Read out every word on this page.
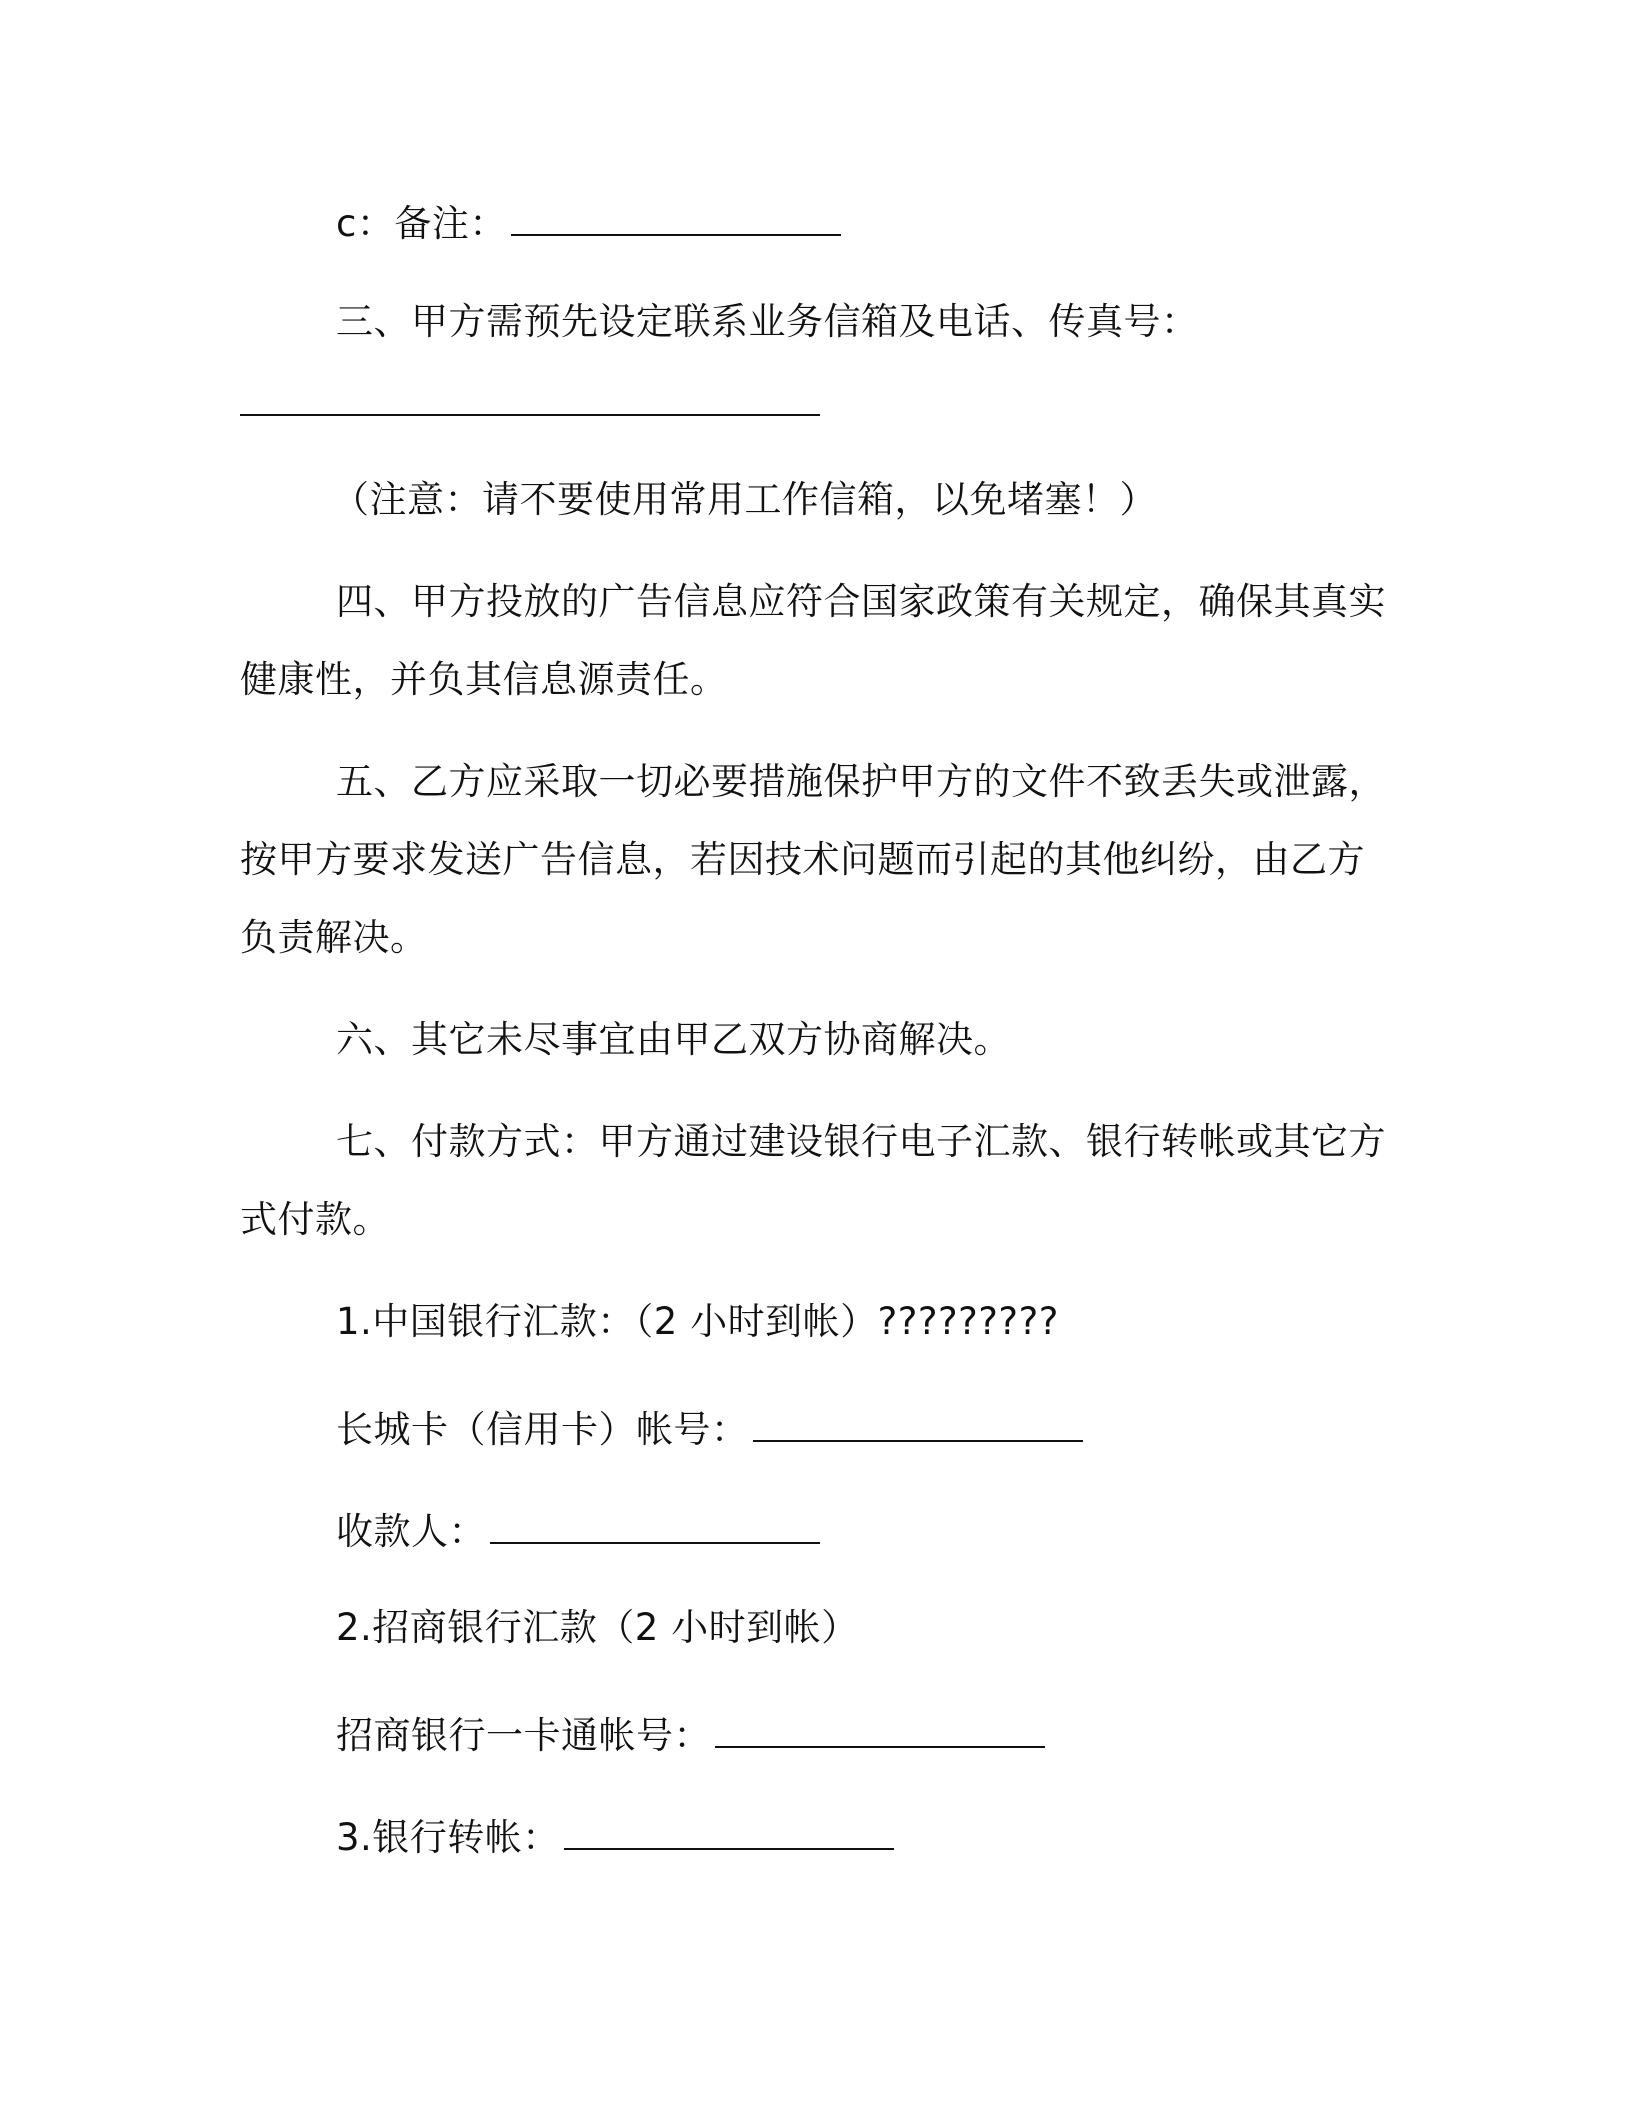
c：备注：
三、甲方需预先设定联系业务信箱及电话、传真号：
（注意：请不要使用常用工作信箱，以免堵塞！）
四、甲方投放的广告信息应符合国家政策有关规定，确保其真实
健康性，并负其信息源责任。
五、乙方应采取一切必要措施保护甲方的文件不致丢失或泄露，
按甲方要求发送广告信息，若因技术问题而引起的其他纠纷，由乙方
负责解决。
六、其它未尽事宜由甲乙双方协商解决。
七、付款方式：甲方通过建设银行电子汇款、银行转帐或其它方
式付款。
1.中国银行汇款：（2 小时到帐）?????????
长城卡（信用卡）帐号：
收款人：
2.招商银行汇款（2 小时到帐）
招商银行一卡通帐号：
3.银行转帐：
